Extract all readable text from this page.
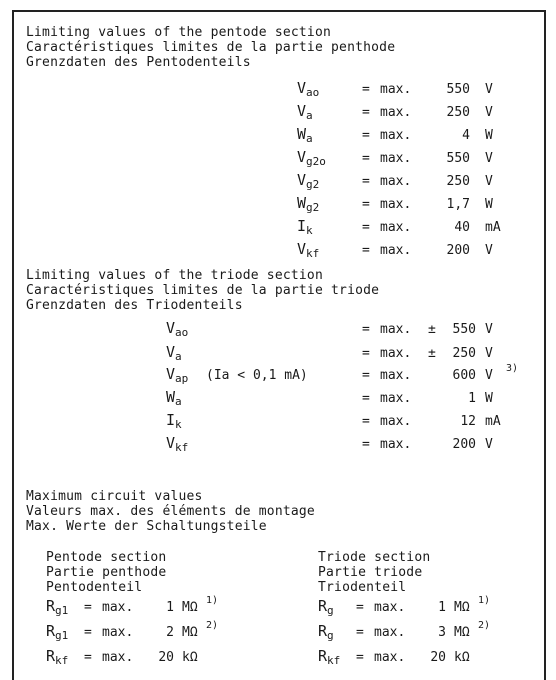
Limiting values of the pentode section
Caractéristiques limites de la partie penthode
Grenzdaten des Pentodenteils
$V_{ao}$	= max.	550 V
$V_a$	= max.	250 V
$W_a$	= max.	4 W
$V_{g2o}$	= max.	550 V
$V_{g2}$	= max.	250 V
$W_{g2}$	= max.	1,7 W
$I_k$	= max.	40 mA
$V_{kf}$	= max.	200 V
Limiting values of the triode section
Caractéristiques limites de la partie triode
Grenzdaten des Triodenteils
$V_{ao}$	= max. ±	550 V
$V_a$	= max. ±	250 V
$V_{ap}$ (Ia < 0,1 mA)	= max.	600 V 3)
$W_a$	= max.	1 W
$I_k$	= max.	12 mA
$V_{kf}$	= max.	200 V
Maximum circuit values
Valeurs max. des éléments de montage
Max. Werte der Schaltungsteile
Pentode section
Partie penthode
Pentodenteil
Triode section
Partie triode
Triodenteil
$R_{g1} = \max$.	1 MΩ 1)
$R_{g1} = \max$.	2 MΩ 2)
$R_{kf} = \max$.	20 kΩ
$R_g = \max$.	1 MΩ 1)
$R_g = \max$.	3 MΩ 2)
$R_{kf} = \max$.	20 kΩ
